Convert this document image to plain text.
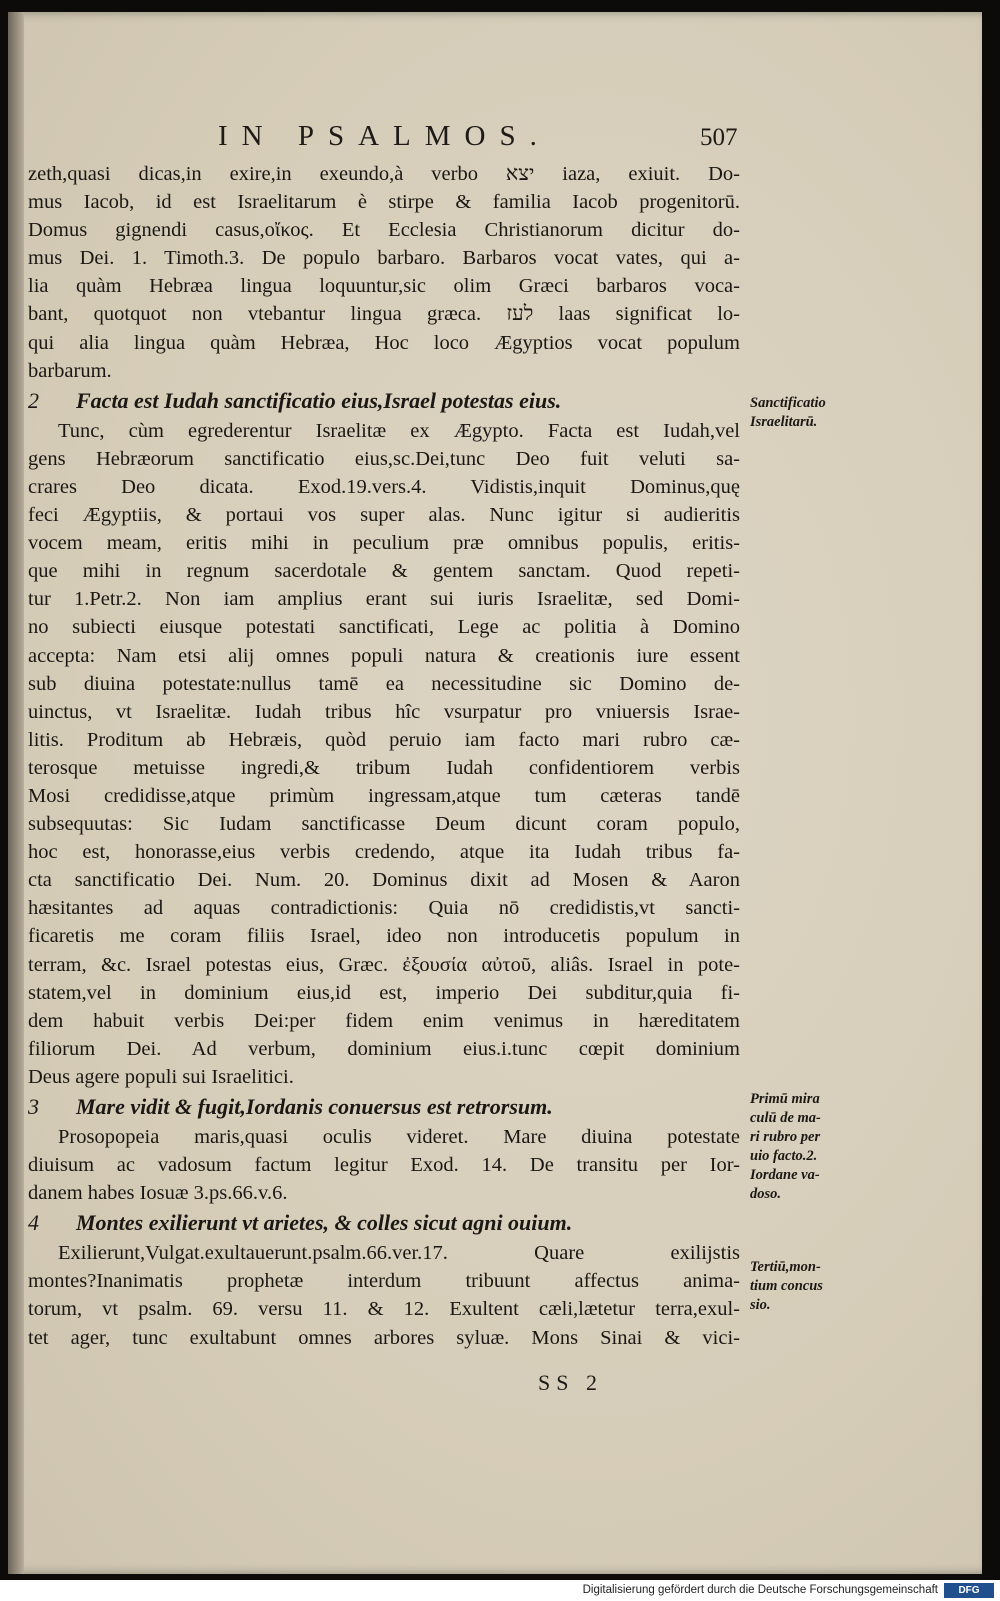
IN PSALMOS.	507
zeth,quasi dicas,in exire,in exeundo,à verbo יצא iaza, exiuit. Do-
mus Iacob, id est Israelitarum è stirpe & familia Iacob progenitorū.
Domus gignendi casus,οἴκος. Et Ecclesia Christianorum dicitur do-
mus Dei. 1. Timoth.3. De populo barbaro. Barbaros vocat vates, qui a-
lia quàm Hebræa lingua loquuntur,sic olim Græci barbaros voca-
bant, quotquot non vtebantur lingua græca. לעז laas significat lo-
qui alia lingua quàm Hebræa, Hoc loco Ægyptios vocat populum
barbarum.
2 Facta est Iudah sanctificatio eius,Israel potestas eius.
Tunc, cùm egrederentur Israelitæ ex Ægypto. Facta est Iudah,vel
gens Hebræorum sanctificatio eius,sc.Dei,tunc Deo fuit veluti sa-
crares Deo dicata. Exod.19.vers.4. Vidistis,inquit Dominus,quę
feci Ægyptiis, & portaui vos super alas. Nunc igitur si audieritis
vocem meam, eritis mihi in peculium præ omnibus populis, eritis-
que mihi in regnum sacerdotale & gentem sanctam. Quod repeti-
tur 1.Petr.2. Non iam amplius erant sui iuris Israelitæ, sed Domi-
no subiecti eiusque potestati sanctificati, Lege ac politia à Domino
accepta: Nam etsi alij omnes populi natura & creationis iure essent
sub diuina potestate:nullus tamē ea necessitudine sic Domino de-
uinctus, vt Israelitæ. Iudah tribus hîc vsurpatur pro vniuersis Israe-
litis. Proditum ab Hebræis, quòd peruio iam facto mari rubro cæ-
terosque metuisse ingredi,& tribum Iudah confidentiorem verbis
Mosi credidisse,atque primùm ingressam,atque tum cæteras tandē
subsequutas: Sic Iudam sanctificasse Deum dicunt coram populo,
hoc est, honorasse,eius verbis credendo, atque ita Iudah tribus fa-
cta sanctificatio Dei. Num. 20. Dominus dixit ad Mosen & Aaron
hæsitantes ad aquas contradictionis: Quia nō credidistis,vt sancti-
ficaretis me coram filiis Israel, ideo non introducetis populum in
terram, &c. Israel potestas eius, Græc. ἐξουσία αὐτοῦ, aliâs. Israel in pote-
statem,vel in dominium eius,id est, imperio Dei subditur,quia fi-
dem habuit verbis Dei:per fidem enim venimus in hæreditatem
filiorum Dei. Ad verbum, dominium eius.i.tunc cœpit dominium
Deus agere populi sui Israelitici.
3 Mare vidit & fugit,Iordanis conuersus est retrorsum.
Prosopopeia maris,quasi oculis videret. Mare diuina potestate
diuisum ac vadosum factum legitur Exod. 14. De transitu per Ior-
danem habes Iosuæ 3.ps.66.v.6.
4 Montes exilierunt vt arietes, & colles sicut agni ouium.
Exilierunt,Vulgat.exultauerunt.psalm.66.ver.17. Quare exilijstis
montes?Inanimatis prophetæ interdum tribuunt affectus anima-
torum, vt psalm. 69. versu 11. & 12. Exultent cæli,lætetur terra,exul-
tet ager, tunc exultabunt omnes arbores syluæ. Mons Sinai & vici-
Sanctificatio
Israelitarū.
Primū mira
culū de ma-
ri rubro per
uio facto.2.
Iordane va-
doso.
Tertiū,mon-
tium concus
sio.
SS 2
Digitalisierung gefördert durch die Deutsche Forschungsgemeinschaft	DFG
